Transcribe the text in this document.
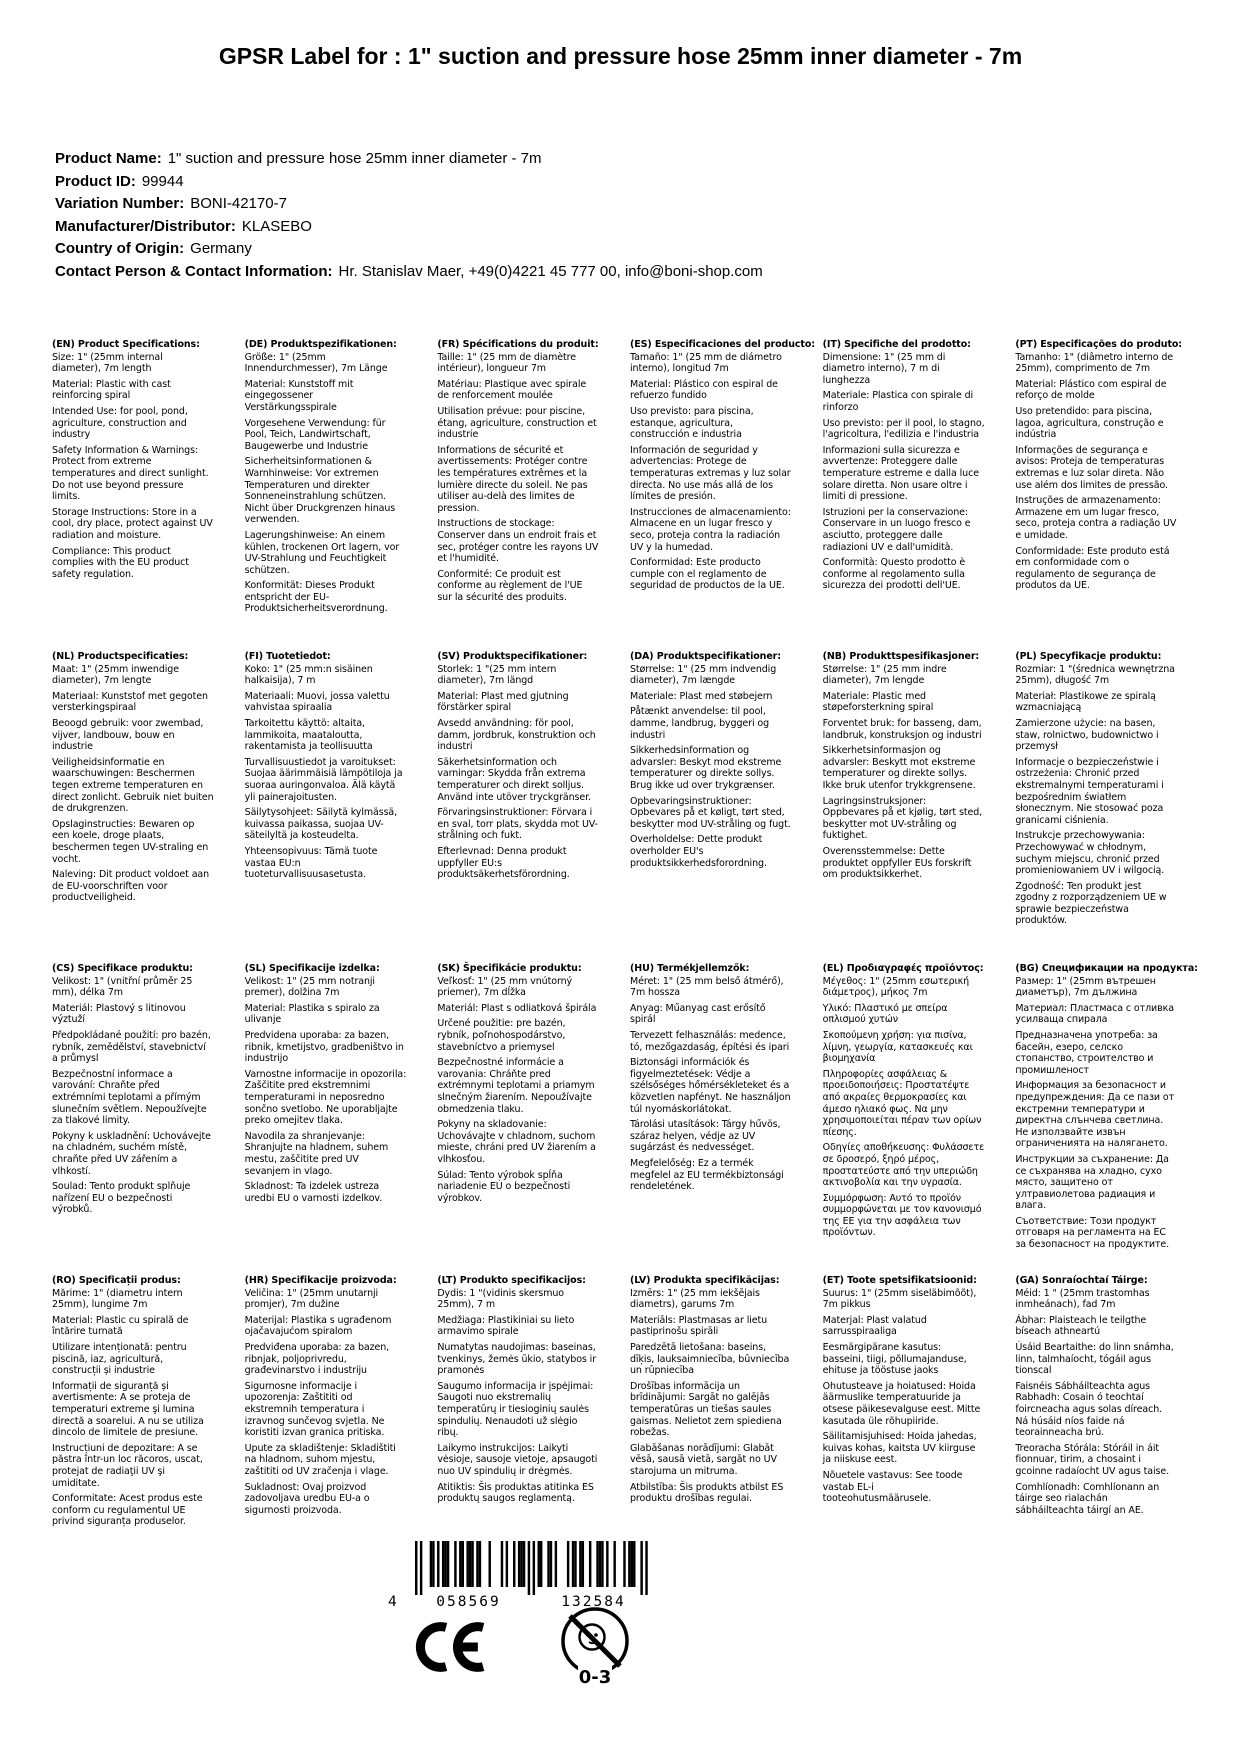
GPSR Label for : 1" suction and pressure hose 25mm inner diameter - 7m
Product Name: 1" suction and pressure hose 25mm inner diameter - 7m
Product ID: 99944
Variation Number: BONI-42170-7
Manufacturer/Distributor: KLASEBO
Country of Origin: Germany
Contact Person & Contact Information: Hr. Stanislav Maer, +49(0)4221 45 777 00, info@boni-shop.com
(EN) Product Specifications:

Size: 1" (25mm internal diameter), 7m length

Material: Plastic with cast reinforcing spiral

Intended Use: for pool, pond, agriculture, construction and industry

Safety Information & Warnings: Protect from extreme temperatures and direct sunlight. Do not use beyond pressure limits.

Storage Instructions: Store in a cool, dry place, protect against UV radiation and moisture.

Compliance: This product complies with the EU product safety regulation.

(DE) Produktspezifikationen:

Größe: 1" (25mm Innendurchmesser), 7m Länge

Material: Kunststoff mit eingegossener Verstärkungsspirale

Vorgesehene Verwendung: für Pool, Teich, Landwirtschaft, Baugewerbe und Industrie

Sicherheitsinformationen & Warnhinweise: Vor extremen Temperaturen und direkter Sonneneinstrahlung schützen. Nicht über Druckgrenzen hinaus verwenden.

Lagerungshinweise: An einem kühlen, trockenen Ort lagern, vor UV-Strahlung und Feuchtigkeit schützen.

Konformität: Dieses Produkt entspricht der EU-Produktsicherheitsverordnung.

(FR) Spécifications du produit:

Taille: 1" (25 mm de diamètre intérieur), longueur 7m

Matériau: Plastique avec spirale de renforcement moulée

Utilisation prévue: pour piscine, étang, agriculture, construction et industrie

Informations de sécurité et avertissements: Protéger contre les températures extrêmes et la lumière directe du soleil. Ne pas utiliser au-delà des limites de pression.

Instructions de stockage: Conserver dans un endroit frais et sec, protéger contre les rayons UV et l'humidité.

Conformité: Ce produit est conforme au règlement de l'UE sur la sécurité des produits.

(ES) Especificaciones del producto:

Tamaño: 1" (25 mm de diámetro interno), longitud 7m

Material: Plástico con espiral de refuerzo fundido

Uso previsto: para piscina, estanque, agricultura, construcción e industria

Información de seguridad y advertencias: Protege de temperaturas extremas y luz solar directa. No use más allá de los límites de presión.

Instrucciones de almacenamiento: Almacene en un lugar fresco y seco, proteja contra la radiación UV y la humedad.

Conformidad: Este producto cumple con el reglamento de seguridad de productos de la UE.

(IT) Specifiche del prodotto:

Dimensione: 1" (25 mm di diametro interno), 7 m di lunghezza

Materiale: Plastica con spirale di rinforzo

Uso previsto: per il pool, lo stagno, l'agricoltura, l'edilizia e l'industria

Informazioni sulla sicurezza e avvertenze: Proteggere dalle temperature estreme e dalla luce solare diretta. Non usare oltre i limiti di pressione.

Istruzioni per la conservazione: Conservare in un luogo fresco e asciutto, proteggere dalle radiazioni UV e dall'umidità.

Conformità: Questo prodotto è conforme al regolamento sulla sicurezza dei prodotti dell'UE.

(PT) Especificações do produto:

Tamanho: 1" (diâmetro interno de 25mm), comprimento de 7m

Material: Plástico com espiral de reforço de molde

Uso pretendido: para piscina, lagoa, agricultura, construção e indústria

Informações de segurança e avisos: Proteja de temperaturas extremas e luz solar direta. Não use além dos limites de pressão.

Instruções de armazenamento: Armazene em um lugar fresco, seco, proteja contra a radiação UV e umidade.

Conformidade: Este produto está em conformidade com o regulamento de segurança de produtos da UE.

(NL) Productspecificaties:

Maat: 1" (25mm inwendige diameter), 7m lengte

Materiaal: Kunststof met gegoten versterkingspiraal

Beoogd gebruik: voor zwembad, vijver, landbouw, bouw en industrie

Veiligheidsinformatie en waarschuwingen: Beschermen tegen extreme temperaturen en direct zonlicht. Gebruik niet buiten de drukgrenzen.

Opslaginstructies: Bewaren op een koele, droge plaats, beschermen tegen UV-straling en vocht.

Naleving: Dit product voldoet aan de EU-voorschriften voor productveiligheid.

(FI) Tuotetiedot:

Koko: 1" (25 mm:n sisäinen halkaisija), 7 m

Materiaali: Muovi, jossa valettu vahvistaa spiraalia

Tarkoitettu käyttö: altaita, lammikoita, maataloutta, rakentamista ja teollisuutta

Turvallisuustiedot ja varoitukset: Suojaa äärimmäisiä lämpötiloja ja suoraa auringonvaloa. Älä käytä yli painerajoitusten.

Säilytysohjeet: Säilytä kylmässä, kuivassa paikassa, suojaa UV-säteilyltä ja kosteudelta.

Yhteensopivuus: Tämä tuote vastaa EU:n tuoteturvallisuusasetusta.

(SV) Produktspecifikationer:

Storlek: 1 "(25 mm intern diameter), 7m längd

Material: Plast med gjutning förstärker spiral

Avsedd användning: för pool, damm, jordbruk, konstruktion och industri

Säkerhetsinformation och varningar: Skydda från extrema temperaturer och direkt solljus. Använd inte utöver tryckgränser.

Förvaringsinstruktioner: Förvara i en sval, torr plats, skydda mot UV-strålning och fukt.

Efterlevnad: Denna produkt uppfyller EU:s produktsäkerhetsförordning.

(DA) Produktspecifikationer:

Størrelse: 1" (25 mm indvendig diameter), 7m længde

Materiale: Plast med støbejern

Påtænkt anvendelse: til pool, damme, landbrug, byggeri og industri

Sikkerhedsinformation og advarsler: Beskyt mod ekstreme temperaturer og direkte sollys. Brug ikke ud over trykgrænser.

Opbevaringsinstruktioner: Opbevares på et køligt, tørt sted, beskytter mod UV-stråling og fugt.

Overholdelse: Dette produkt overholder EU's produktsikkerhedsforordning.

(NB) Produkttspesifikasjoner:

Størrelse: 1" (25 mm indre diameter), 7m lengde

Materiale: Plastic med støpeforsterkning spiral

Forventet bruk: for basseng, dam, landbruk, konstruksjon og industri

Sikkerhetsinformasjon og advarsler: Beskytt mot ekstreme temperaturer og direkte sollys. Ikke bruk utenfor trykkgrensene.

Lagringsinstruksjoner: Oppbevares på et kjølig, tørt sted, beskytter mot UV-stråling og fuktighet.

Overensstemmelse: Dette produktet oppfyller EUs forskrift om produktsikkerhet.

(PL) Specyfikacje produktu:

Rozmiar: 1 "(średnica wewnętrzna 25mm), długość 7m

Materiał: Plastikowe ze spiralą wzmacniającą

Zamierzone użycie: na basen, staw, rolnictwo, budownictwo i przemysł

Informacje o bezpieczeństwie i ostrzeżenia: Chronić przed ekstremalnymi temperaturami i bezpośrednim światłem słonecznym. Nie stosować poza granicami ciśnienia.

Instrukcje przechowywania: Przechowywać w chłodnym, suchym miejscu, chronić przed promieniowaniem UV i wilgocią.

Zgodność: Ten produkt jest zgodny z rozporządzeniem UE w sprawie bezpieczeństwa produktów.

(CS) Specifikace produktu:

Velikost: 1" (vnitřní průměr 25 mm), délka 7m

Materiál: Plastový s litinovou výztuží

Předpokládané použití: pro bazén, rybník, zemědělství, stavebnictví a průmysl

Bezpečnostní informace a varování: Chraňte před extrémními teplotami a přímým slunečním světlem. Nepoužívejte za tlakové limity.

Pokyny k uskladnění: Uchovávejte na chladném, suchém místě, chraňte před UV zářením a vlhkostí.

Soulad: Tento produkt splňuje nařízení EU o bezpečnosti výrobků.

(SL) Specifikacije izdelka:

Velikost: 1" (25 mm notranji premer), dolžina 7m

Material: Plastika s spiralo za ulivanje

Predvidena uporaba: za bazen, ribnik, kmetijstvo, gradbeništvo in industrijo

Varnostne informacije in opozorila: Zaščitite pred ekstremnimi temperaturami in neposredno sončno svetlobo. Ne uporabljajte preko omejitev tlaka.

Navodila za shranjevanje: Shranjujte na hladnem, suhem mestu, zaščitite pred UV sevanjem in vlago.

Skladnost: Ta izdelek ustreza uredbi EU o varnosti izdelkov.

(SK) Špecifikácie produktu:

Veľkosť: 1" (25 mm vnútorný priemer), 7m dĺžka

Materiál: Plast s odliatková špirála

Určené použitie: pre bazén, rybník, poľnohospodárstvo, stavebníctvo a priemysel

Bezpečnostné informácie a varovania: Chráňte pred extrémnymi teplotami a priamym slnečným žiarením. Nepoužívajte obmedzenia tlaku.

Pokyny na skladovanie: Uchovávajte v chladnom, suchom mieste, chráni pred UV žiarením a vlhkosťou.

Súlad: Tento výrobok spĺňa nariadenie EÚ o bezpečnosti výrobkov.

(HU) Termékjellemzők:

Méret: 1" (25 mm belső átmérő), 7m hossza

Anyag: Műanyag cast erősítő spirál

Tervezett felhasználás: medence, tó, mezőgazdaság, építési és ipari

Biztonsági információk és figyelmeztetések: Védje a szélsőséges hőmérsékleteket és a közvetlen napfényt. Ne használjon túl nyomáskorlátokat.

Tárolási utasítások: Tárgy hűvös, száraz helyen, védje az UV sugárzást és nedvességet.

Megfelelőség: Ez a termék megfelel az EU termékbiztonsági rendeletének.

(EL) Προδιαγραφές προϊόντος:

Μέγεθος: 1" (25mm εσωτερική διάμετρος), μήκος 7m

Υλικό: Πλαστικό με σπείρα οπλισμού χυτών

Σκοπούμενη χρήση: για πισίνα, λίμνη, γεωργία, κατασκευές και βιομηχανία

Πληροφορίες ασφάλειας & προειδοποιήσεις: Προστατέψτε από ακραίες θερμοκρασίες και άμεσο ηλιακό φως. Να μην χρησιμοποιείται πέραν των ορίων πίεσης.

Οδηγίες αποθήκευσης: Φυλάσσετε σε δροσερό, ξηρό μέρος, προστατεύστε από την υπεριώδη ακτινοβολία και την υγρασία.

Συμμόρφωση: Αυτό το προϊόν συμμορφώνεται με τον κανονισμό της ΕΕ για την ασφάλεια των προϊόντων.

(BG) Спецификации на продукта:

Размер: 1" (25mm вътрешен диаметър), 7m дължина

Материал: Пластмаса с отливка усилваща спирала

Предназначена употреба: за басейн, езеро, селско стопанство, строителство и промишленост

Информация за безопасност и предупреждения: Да се пази от екстремни температури и директна слънчева светлина. Не използвайте извън ограниченията на налягането.

Инструкции за съхранение: Да се съхранява на хладно, сухо място, защитено от ултравиолетова радиация и влага.

Съответствие: Този продукт отговаря на регламента на ЕС за безопасност на продуктите.

(RO) Specificații produs:

Mărime: 1" (diametru intern 25mm), lungime 7m

Material: Plastic cu spirală de întărire turnată

Utilizare intenționată: pentru piscină, iaz, agricultură, construcții și industrie

Informații de siguranță și avertismente: A se proteja de temperaturi extreme şi lumina directă a soarelui. A nu se utiliza dincolo de limitele de presiune.

Instrucțiuni de depozitare: A se păstra într-un loc răcoros, uscat, protejat de radiaţii UV şi umiditate.

Conformitate: Acest produs este conform cu regulamentul UE privind siguranța produselor.

(HR) Specifikacije proizvoda:

Veličina: 1" (25mm unutarnji promjer), 7m dužine

Materijal: Plastika s ugrađenom ojačavajućom spiralom

Predviđena uporaba: za bazen, ribnjak, poljoprivredu, građevinarstvo i industriju

Sigurnosne informacije i upozorenja: Zaštititi od ekstremnih temperatura i izravnog sunčevog svjetla. Ne koristiti izvan granica pritiska.

Upute za skladištenje: Skladištiti na hladnom, suhom mjestu, zaštititi od UV zračenja i vlage.

Sukladnost: Ovaj proizvod zadovoljava uredbu EU-a o sigurnosti proizvoda.

(LT) Produkto specifikacijos:

Dydis: 1 "(vidinis skersmuo 25mm), 7 m

Medžiaga: Plastikiniai su lieto armavimo spirale

Numatytas naudojimas: baseinas, tvenkinys, žemės ūkio, statybos ir pramonės

Saugumo informacija ir įspėjimai: Saugoti nuo ekstremalių temperatūrų ir tiesioginių saulės spindulių. Nenaudoti už slėgio ribų.

Laikymo instrukcijos: Laikyti vėsioje, sausoje vietoje, apsaugoti nuo UV spindulių ir drėgmės.

Atitiktis: Šis produktas atitinka ES produktų saugos reglamentą.

(LV) Produkta specifikācijas:

Izmērs: 1" (25 mm iekšējais diametrs), garums 7m

Materiāls: Plastmasas ar lietu pastiprinošu spirāli

Paredzētā lietošana: baseins, dīķis, lauksaimniecība, būvniecība un rūpniecība

Drošības informācija un brīdinājumi: Sargāt no galējās temperatūras un tiešas saules gaismas. Nelietot zem spiediena robežas.

Glabāšanas norādījumi: Glabāt vēsā, sausā vietā, sargāt no UV starojuma un mitruma.

Atbilstība: Šis produkts atbilst ES produktu drošības regulai.

(ET) Toote spetsifikatsioonid:

Suurus: 1" (25mm siseläbimõõt), 7m pikkus

Materjal: Plast valatud sarrusspiraaliga

Eesmärgipärane kasutus: basseini, tiigi, põllumajanduse, ehituse ja tööstuse jaoks

Ohutusteave ja hoiatused: Hoida äärmuslike temperatuuride ja otsese päikesevalguse eest. Mitte kasutada üle rõhupiiride.

Säilitamisjuhised: Hoida jahedas, kuivas kohas, kaitsta UV kiirguse ja niiskuse eest.

Nõuetele vastavus: See toode vastab EL-i tooteohutusmäärusele.

(GA) Sonraíochtaí Táirge:

Méid: 1 " (25mm trastomhas inmheánach), fad 7m

Ábhar: Plaisteach le teilgthe bíseach athneartú

Úsáid Beartaithe: do linn snámha, linn, talmhaíocht, tógáil agus tionscal

Faisnéis Sábháilteachta agus Rabhadh: Cosain ó teochtaí foircneacha agus solas díreach. Ná húsáid níos faide ná teorainneacha brú.

Treoracha Stórála: Stóráil in áit fionnuar, tirim, a chosaint i gcoinne radaíocht UV agus taise.

Comhlíonadh: Comhlíonann an táirge seo rialachán sábháilteachta táirgí an AE.

4	058569	132584
0-3
